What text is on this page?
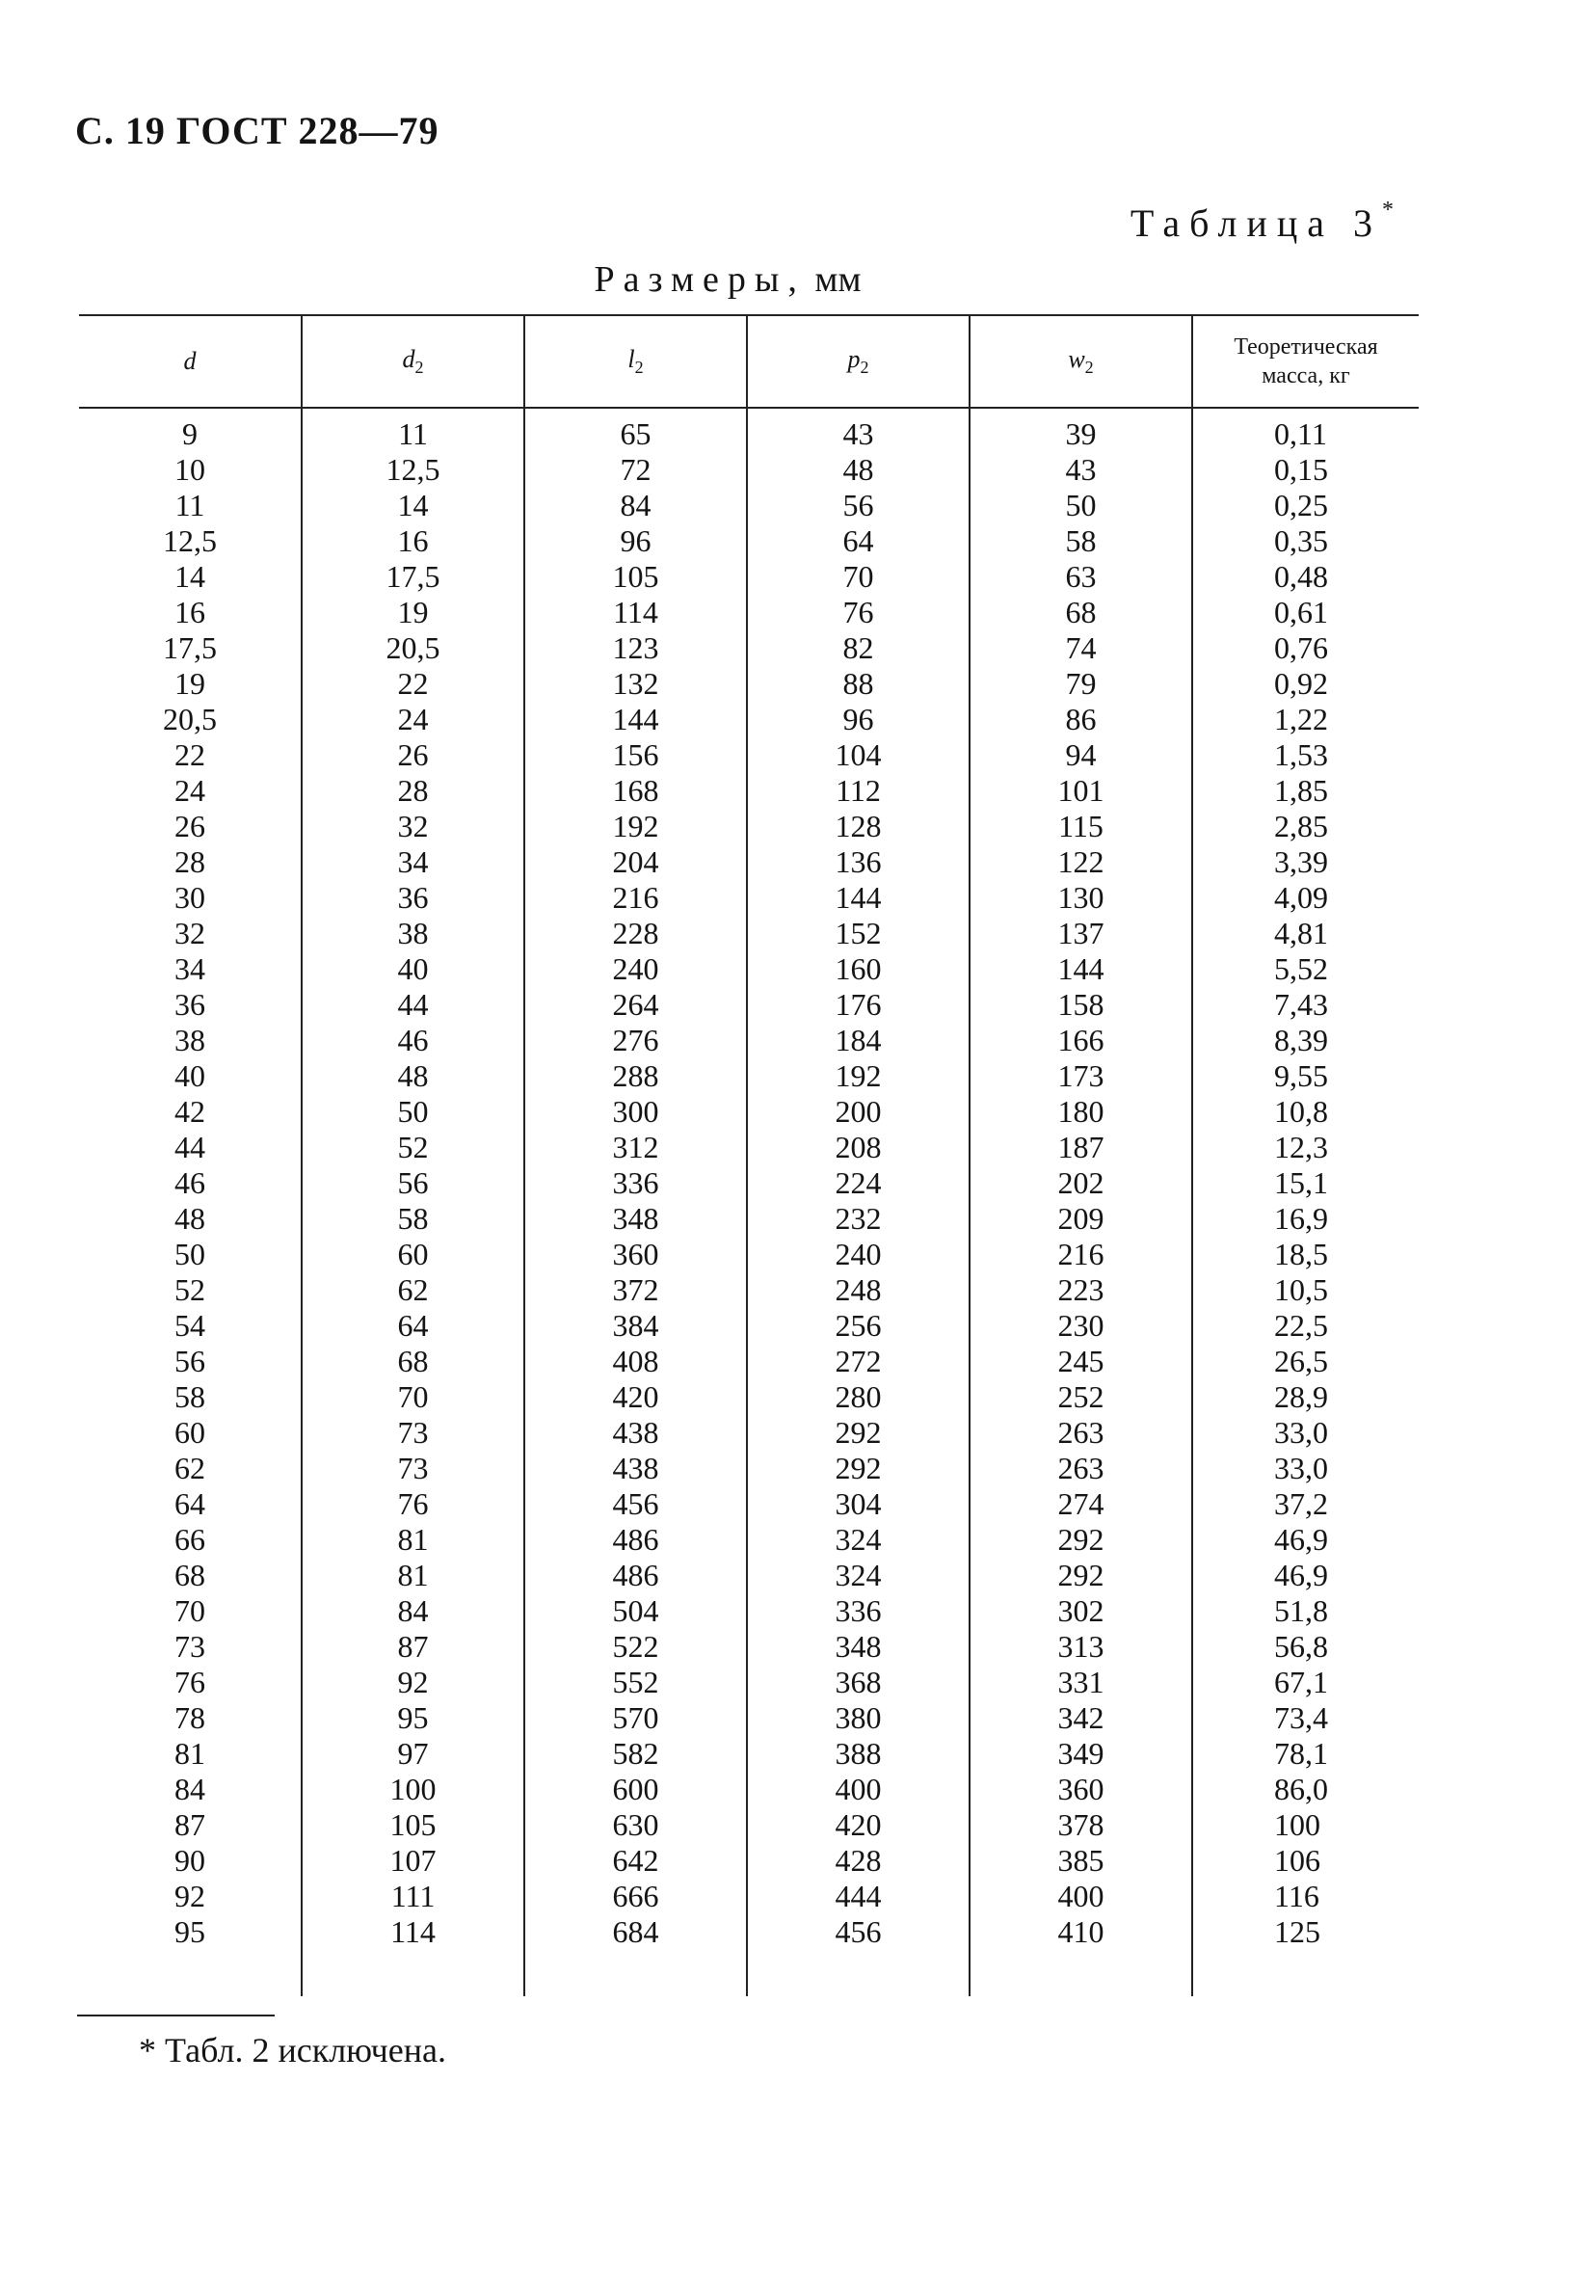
С. 19 ГОСТ 228—79
Таблица 3*
Размеры, мм
d	$d_2$	$l_2$	$p_2$	$w_2$	Теоретическая
масса, кг
9	11	65	43	39	0,11
10	12,5	72	48	43	0,15
11	14	84	56	50	0,25
12,5	16	96	64	58	0,35
14	17,5	105	70	63	0,48
16	19	114	76	68	0,61
17,5	20,5	123	82	74	0,76
19	22	132	88	79	0,92
20,5	24	144	96	86	1,22
22	26	156	104	94	1,53
24	28	168	112	101	1,85
26	32	192	128	115	2,85
28	34	204	136	122	3,39
30	36	216	144	130	4,09
32	38	228	152	137	4,81
34	40	240	160	144	5,52
36	44	264	176	158	7,43
38	46	276	184	166	8,39
40	48	288	192	173	9,55
42	50	300	200	180	10,8
44	52	312	208	187	12,3
46	56	336	224	202	15,1
48	58	348	232	209	16,9
50	60	360	240	216	18,5
52	62	372	248	223	10,5
54	64	384	256	230	22,5
56	68	408	272	245	26,5
58	70	420	280	252	28,9
60	73	438	292	263	33,0
62	73	438	292	263	33,0
64	76	456	304	274	37,2
66	81	486	324	292	46,9
68	81	486	324	292	46,9
70	84	504	336	302	51,8
73	87	522	348	313	56,8
76	92	552	368	331	67,1
78	95	570	380	342	73,4
81	97	582	388	349	78,1
84	100	600	400	360	86,0
87	105	630	420	378	100
90	107	642	428	385	106
92	111	666	444	400	116
95	114	684	456	410	125

* Табл. 2 исключена.
